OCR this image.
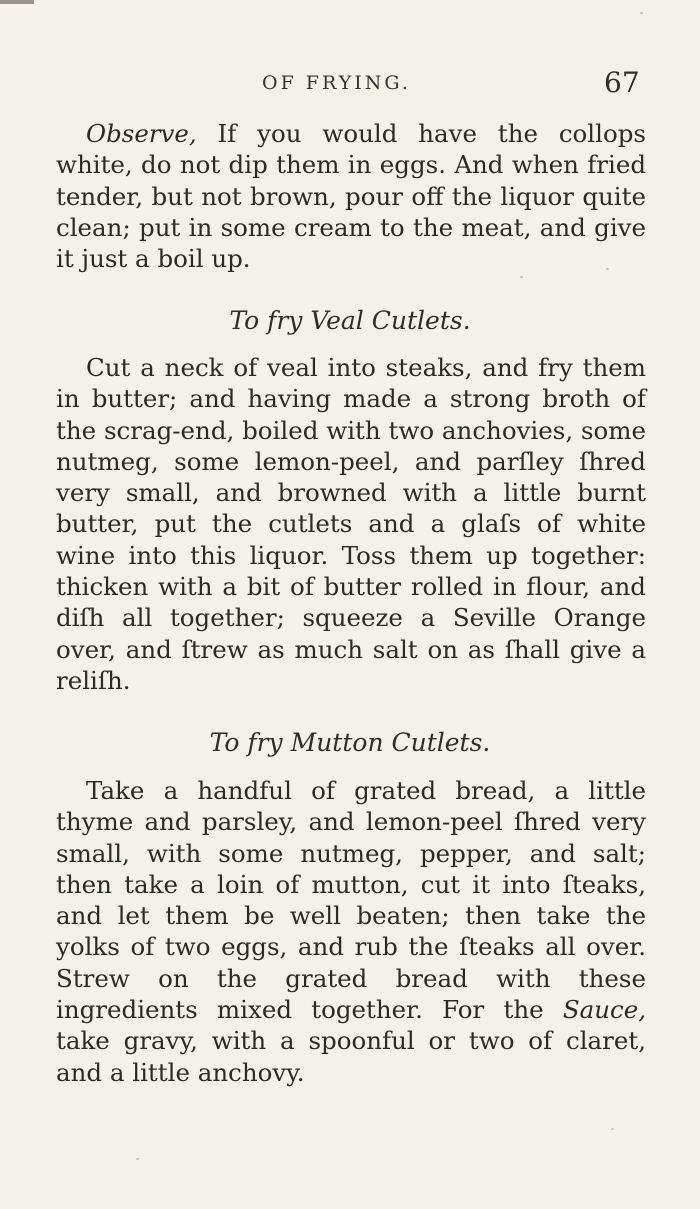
OF FRYING.	67

Observe, If you would have the collops white, do not dip them in eggs. And when fried tender, but not brown, pour off the liquor quite clean; put in some cream to the meat, and give it just a boil up.

To fry Veal Cutlets.

Cut a neck of veal into steaks, and fry them in butter; and having made a strong broth of the scrag-end, boiled with two anchovies, some nutmeg, some lemon-peel, and parſley ſhred very small, and browned with a little burnt butter, put the cutlets and a glaſs of white wine into this liquor. Toss them up together: thicken with a bit of butter rolled in flour, and diſh all together; squeeze a Seville Orange over, and ſtrew as much salt on as ſhall give a reliſh.

To fry Mutton Cutlets.

Take a handful of grated bread, a little thyme and parsley, and lemon-peel ſhred very small, with some nutmeg, pepper, and salt; then take a loin of mutton, cut it into ſteaks, and let them be well beaten; then take the yolks of two eggs, and rub the ſteaks all over. Strew on the grated bread with these ingredients mixed together. For the Sauce, take gravy, with a spoonful or two of claret, and a little anchovy.
